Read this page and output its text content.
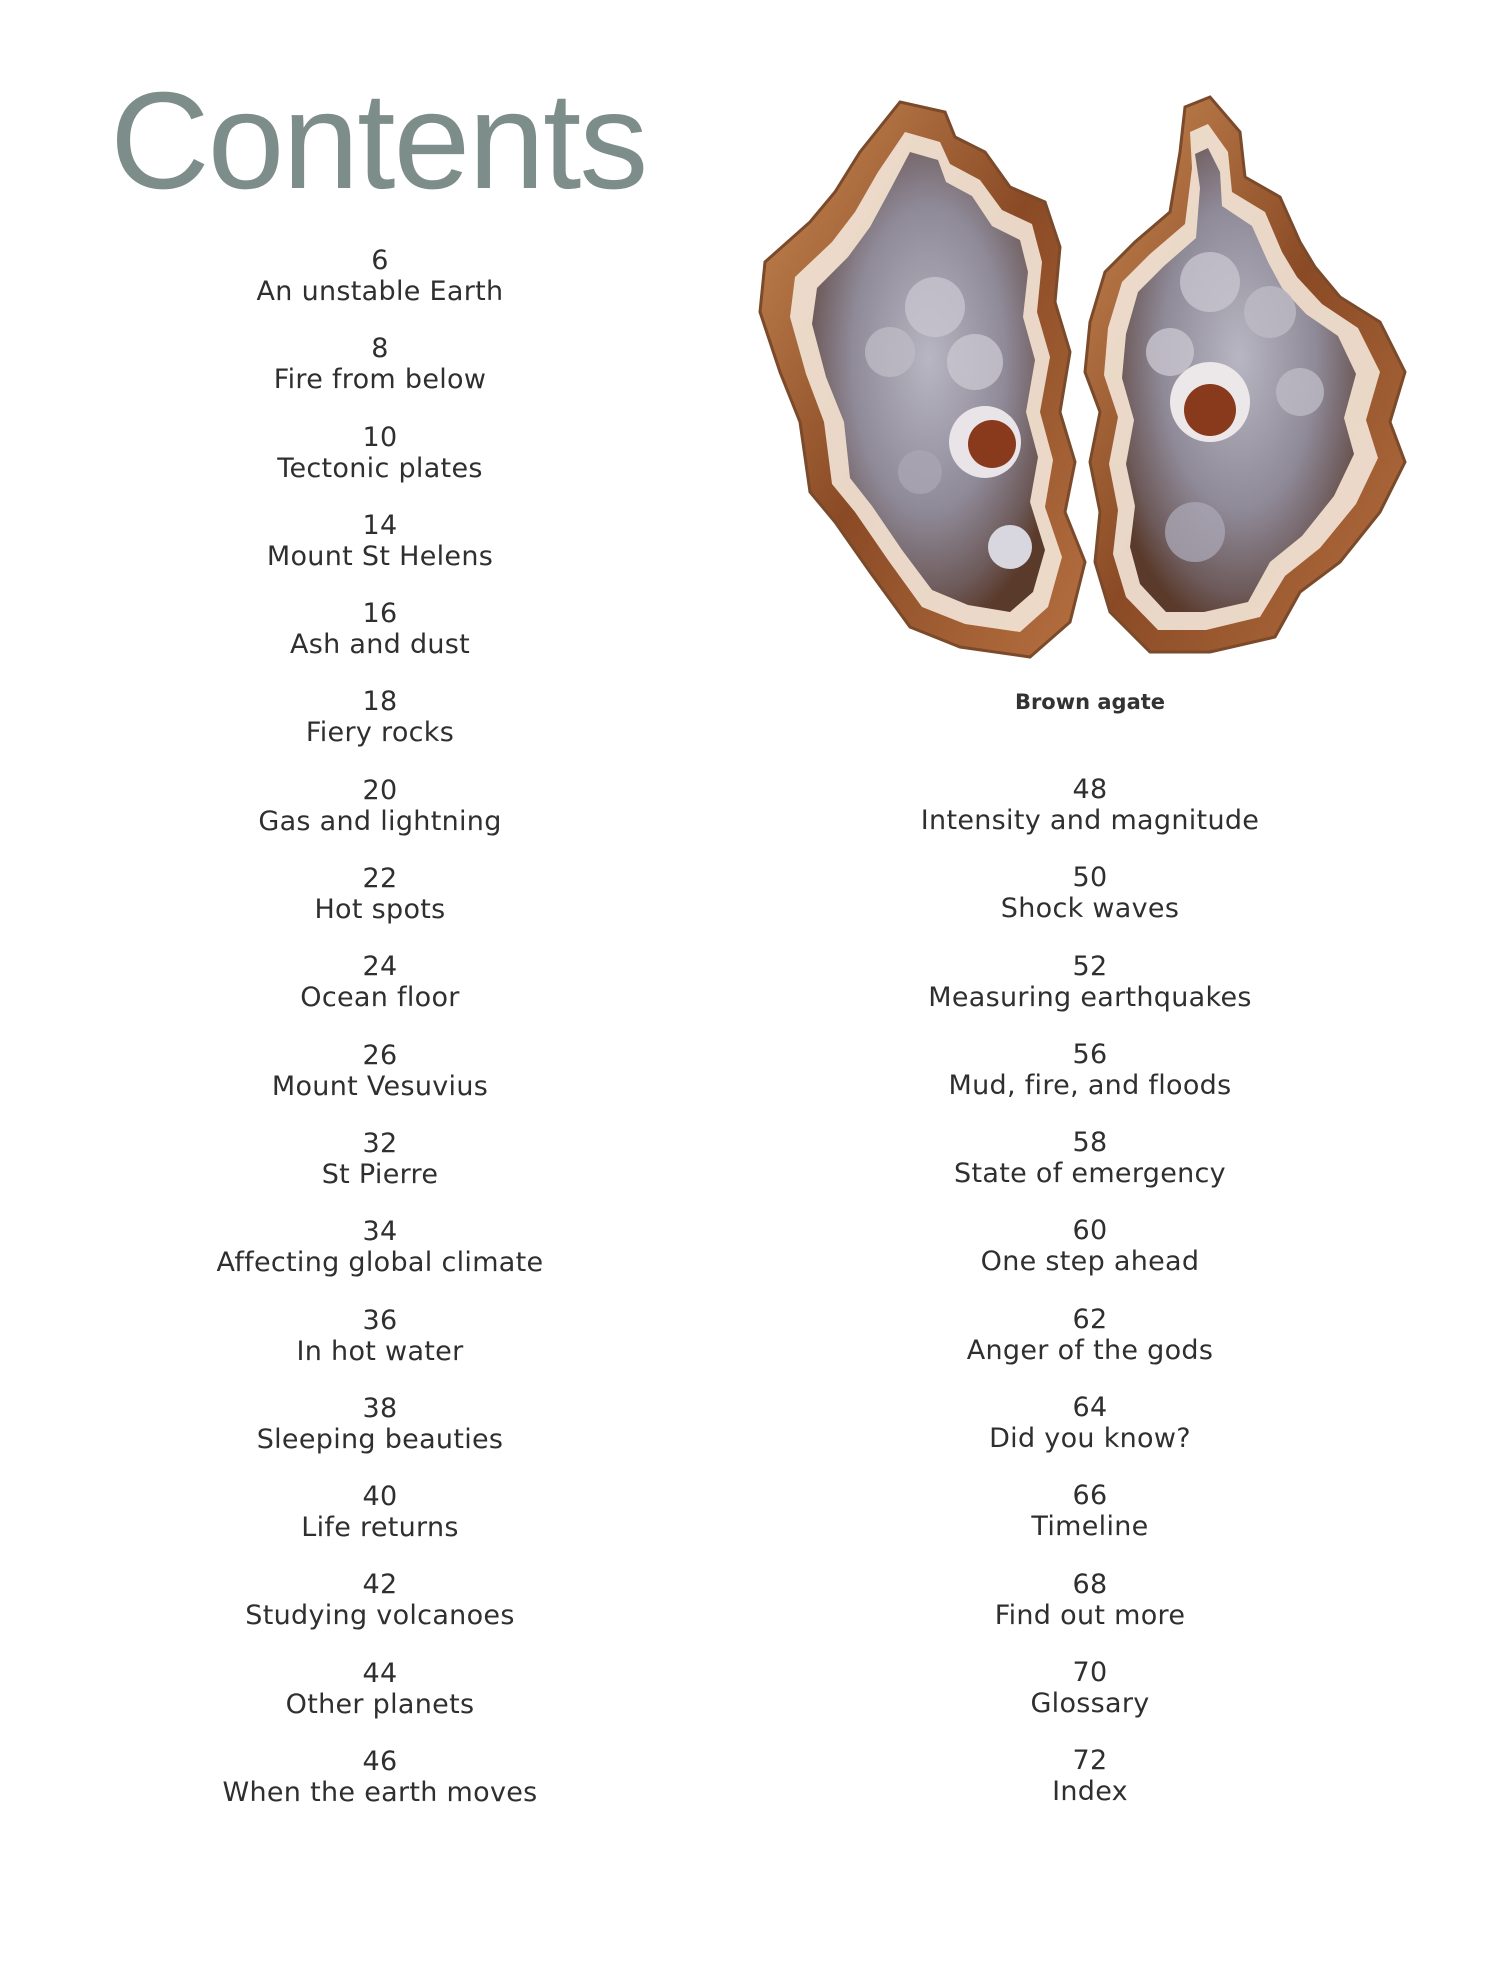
Contents
Brown agate
6
An unstable Earth
8
Fire from below
10
Tectonic plates
14
Mount St Helens
16
Ash and dust
18
Fiery rocks
20
Gas and lightning
22
Hot spots
24
Ocean floor
26
Mount Vesuvius
32
St Pierre
34
Affecting global climate
36
In hot water
38
Sleeping beauties
40
Life returns
42
Studying volcanoes
44
Other planets
46
When the earth moves
48
Intensity and magnitude
50
Shock waves
52
Measuring earthquakes
56
Mud, fire, and floods
58
State of emergency
60
One step ahead
62
Anger of the gods
64
Did you know?
66
Timeline
68
Find out more
70
Glossary
72
Index
